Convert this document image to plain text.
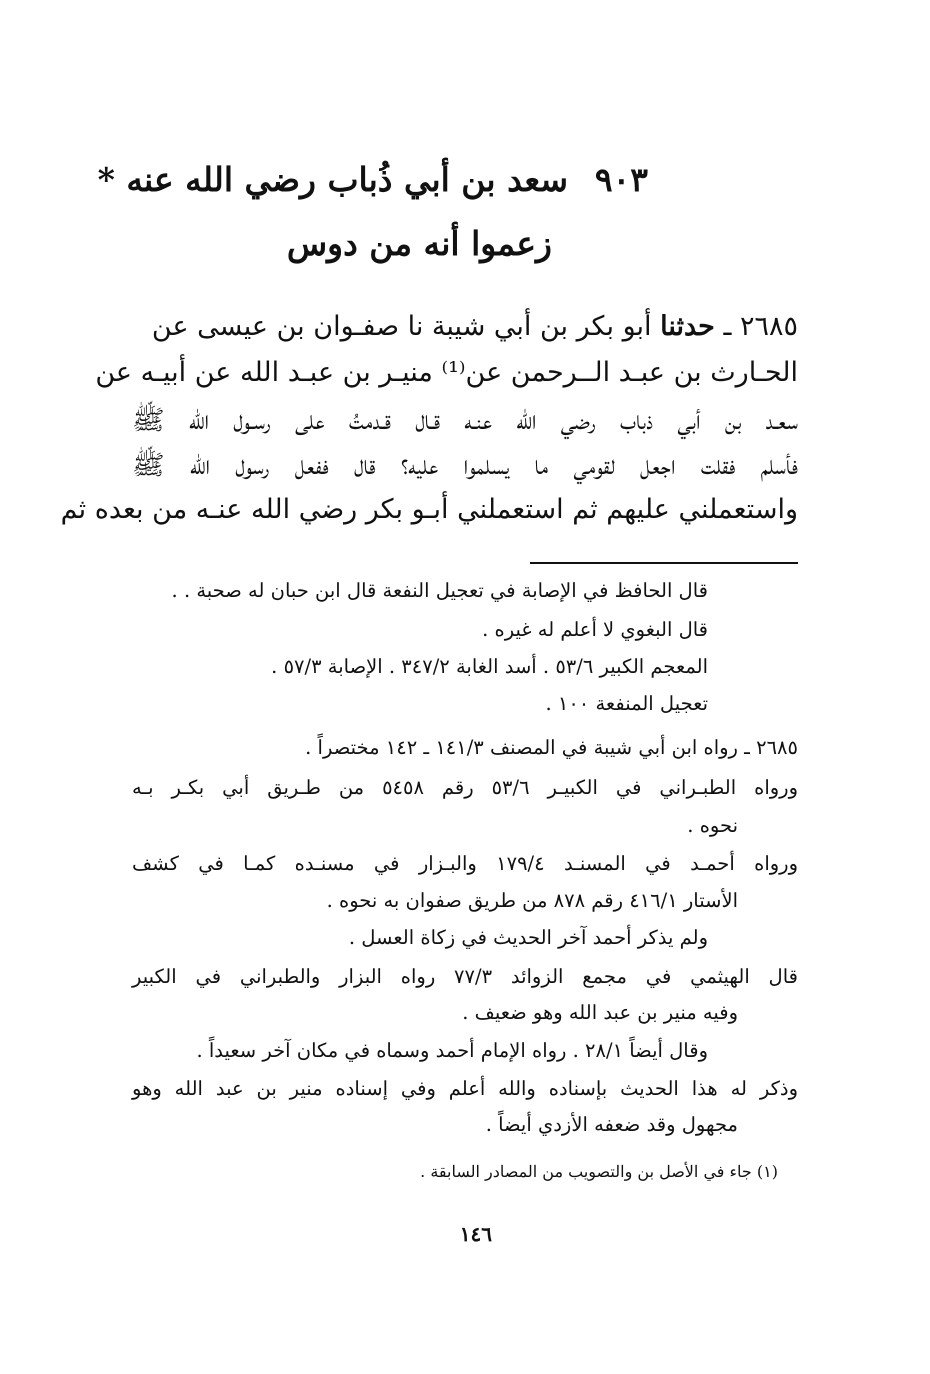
٩٠٣
سعد بن أبي ذُباب رضي الله عنه *
زعموا أنه من دوس
٢٦٨٥ ـ حدثنا أبو بكر بن أبي شيبة نا صفـوان بن عيسى عن
الحـارث بن عبـد الــرحمن عن⁽¹⁾ منيـر بن عبـد الله عن أبيـه عن
سعـد بن أبي ذباب رضي الله عنـه قـال قـدمتُ على رسـول الله ﷺ
فأسلم فقلت اجعل لقومي ما يسلموا عليه؟ قال ففعل رسول الله ﷺ
واستعملني عليهم ثم استعملني أبـو بكر رضي الله عنـه من بعده ثم
قال الحافظ في الإصابة في تعجيل النفعة قال ابن حبان له صحبة . .
قال البغوي لا أعلم له غيره .
المعجم الكبير ٥٣/٦ . أسد الغابة ٣٤٧/٢ . الإصابة ٥٧/٣ .
تعجيل المنفعة ١٠٠ .
٢٦٨٥ ـ رواه ابن أبي شيبة في المصنف ١٤١/٣ ـ ١٤٢ مختصراً .
ورواه الطبـراني في الكبيـر ٥٣/٦ رقم ٥٤٥٨ من طـريق أبي بكـر بـه
نحوه .
ورواه أحمـد في المسنـد ١٧٩/٤ والبـزار في مسنـده كمـا في كشف
الأستار ٤١٦/١ رقم ٨٧٨ من طريق صفوان به نحوه .
ولم يذكر أحمد آخر الحديث في زكاة العسل .
قال الهيثمي في مجمع الزوائد ٧٧/٣ رواه البزار والطبراني في الكبير
وفيه منير بن عبد الله وهو ضعيف .
وقال أيضاً ٢٨/١ . رواه الإمام أحمد وسماه في مكان آخر سعيداً .
وذكر له هذا الحديث بإسناده والله أعلم وفي إسناده منير بن عبد الله وهو
مجهول وقد ضعفه الأزدي أيضاً .
(١) جاء في الأصل بن والتصويب من المصادر السابقة .
١٤٦
